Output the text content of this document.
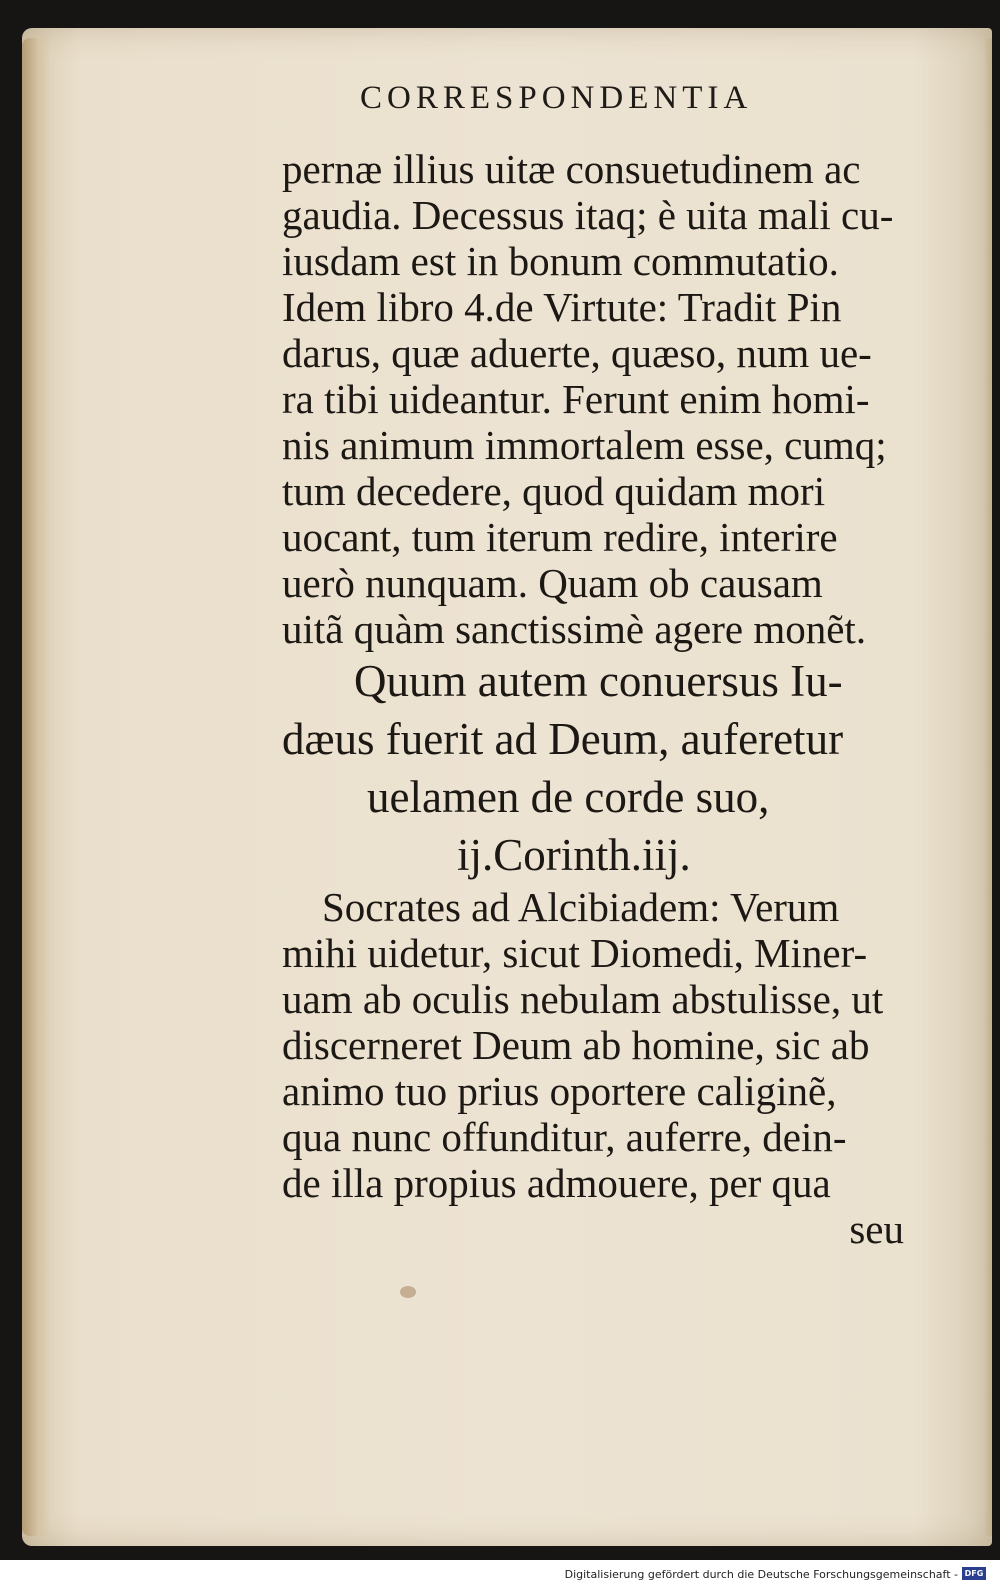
CORRESPONDENTIA
pernæ illius uitæ consuetudinem ac
gaudia. Decessus itaq; è uita mali cu-
iusdam est in bonum commutatio.
Idem libro 4.de Virtute: Tradit Pin
darus, quæ aduerte, quæso, num ue-
ra tibi uideantur. Ferunt enim homi-
nis animum immortalem esse, cumq;
tum decedere, quod quidam mori
uocant, tum iterum redire, interire
uerò nunquam. Quam ob causam
uitã quàm sanctissimè agere monẽt.
Quum autem conuersus Iu-
dæus fuerit ad Deum, auferetur
uelamen de corde suo,
ij.Corinth.iij.
Socrates ad Alcibiadem: Verum
mihi uidetur, sicut Diomedi, Miner-
uam ab oculis nebulam abstulisse, ut
discerneret Deum ab homine, sic ab
animo tuo prius oportere caliginẽ,
qua nunc offunditur, auferre, dein-
de illa propius admouere, per qua
seu
Digitalisierung gefördert durch die Deutsche Forschungsgemeinschaft - DFG
